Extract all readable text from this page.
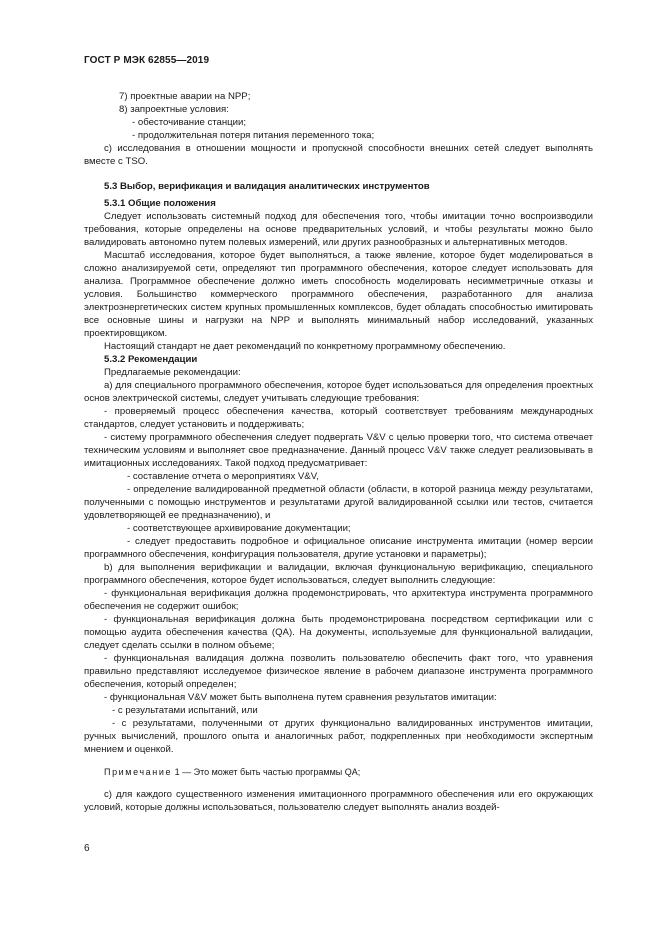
ГОСТ Р МЭК 62855—2019

7) проектные аварии на NPP;

8) запроектные условия:

- обесточивание станции;

- продолжительная потеря питания переменного тока;

c) исследования в отношении мощности и пропускной способности внешних сетей следует выполнять вместе с TSO.

5.3 Выбор, верификация и валидация аналитических инструментов

5.3.1 Общие положения

Следует использовать системный подход для обеспечения того, чтобы имитации точно воспроизводили требования, которые определены на основе предварительных условий, и чтобы результаты можно было валидировать автономно путем полевых измерений, или других разнообразных и альтернативных методов.

Масштаб исследования, которое будет выполняться, а также явление, которое будет моделироваться в сложно анализируемой сети, определяют тип программного обеспечения, которое следует использовать для анализа. Программное обеспечение должно иметь способность моделировать несимметричные отказы и условия. Большинство коммерческого программного обеспечения, разработанного для анализа электроэнергетических систем крупных промышленных комплексов, будет обладать способностью имитировать все основные шины и нагрузки на NPP и выполнять минимальный набор исследований, указанных проектировщиком.

Настоящий стандарт не дает рекомендаций по конкретному программному обеспечению.

5.3.2 Рекомендации

Предлагаемые рекомендации:

a) для специального программного обеспечения, которое будет использоваться для определения проектных основ электрической системы, следует учитывать следующие требования:

- проверяемый процесс обеспечения качества, который соответствует требованиям международных стандартов, следует установить и поддерживать;

- систему программного обеспечения следует подвергать V&V с целью проверки того, что система отвечает техническим условиям и выполняет свое предназначение. Данный процесс V&V также следует реализовывать в имитационных исследованиях. Такой подход предусматривает:

- составление отчета о мероприятиях V&V,

- определение валидированной предметной области (области, в которой разница между результатами, полученными с помощью инструментов и результатами другой валидированной ссылки или тестов, считается удовлетворяющей ее предназначению), и

- соответствующее архивирование документации;

- следует предоставить подробное и официальное описание инструмента имитации (номер версии программного обеспечения, конфигурация пользователя, другие установки и параметры);

b) для выполнения верификации и валидации, включая функциональную верификацию, специального программного обеспечения, которое будет использоваться, следует выполнить следующие:

- функциональная верификация должна продемонстрировать, что архитектура инструмента программного обеспечения не содержит ошибок;

- функциональная верификация должна быть продемонстрирована посредством сертификации или с помощью аудита обеспечения качества (QA). На документы, используемые для функциональной валидации, следует сделать ссылки в полном объеме;

- функциональная валидация должна позволить пользователю обеспечить факт того, что уравнения правильно представляют исследуемое физическое явление в рабочем диапазоне инструмента программного обеспечения, который определен;

- функциональная V&V может быть выполнена путем сравнения результатов имитации:

- с результатами испытаний, или

- с результатами, полученными от других функционально валидированных инструментов имитации, ручных вычислений, прошлого опыта и аналогичных работ, подкрепленных при необходимости экспертным мнением и оценкой.

Примечание 1 — Это может быть частью программы QA;

c) для каждого существенного изменения имитационного программного обеспечения или его окружающих условий, которые должны использоваться, пользователю следует выполнять анализ воздей-

6
